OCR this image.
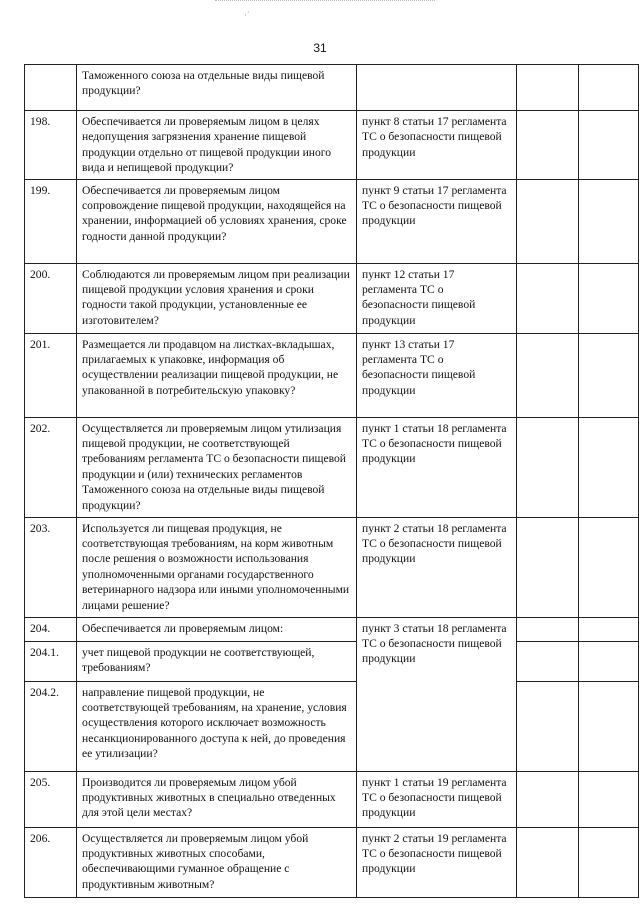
·´
31
	Таможенного союза на отдельные виды пищевой продукции?			
198.	Обеспечивается ли проверяемым лицом в целях недопущения загрязнения хранение пищевой продукции отдельно от пищевой продукции иного вида и непищевой продукции?	пункт 8 статьи 17 регламента ТС о безопасности пищевой продукции		
199.	Обеспечивается ли проверяемым лицом сопровождение пищевой продукции, находящейся на хранении, информацией об условиях хранения, сроке годности данной продукции?	пункт 9 статьи 17 регламента ТС о безопасности пищевой продукции		
200.	Соблюдаются ли проверяемым лицом при реализации пищевой продукции условия хранения и сроки годности такой продукции, установленные ее изготовителем?	пункт 12 статьи 17 регламента ТС о безопасности пищевой продукции		
201.	Размещается ли продавцом на листках-вкладышах, прилагаемых к упаковке, информация об осуществлении реализации пищевой продукции, не упакованной в потребительскую упаковку?	пункт 13 статьи 17 регламента ТС о безопасности пищевой продукции		
202.	Осуществляется ли проверяемым лицом утилизация пищевой продукции, не соответствующей требованиям регламента ТС о безопасности пищевой продукции и (или) технических регламентов Таможенного союза на отдельные виды пищевой продукции?	пункт 1 статьи 18 регламента ТС о безопасности пищевой продукции		
203.	Используется ли пищевая продукция, не соответствующая требованиям, на корм животным после решения о возможности использования уполномоченными органами государственного ветеринарного надзора или иными уполномоченными лицами решение?	пункт 2 статьи 18 регламента ТС о безопасности пищевой продукции		
204.	Обеспечивается ли проверяемым лицом:	пункт 3 статьи 18 регламента ТС о безопасности пищевой продукции		
204.1.	учет пищевой продукции не соответствующей, требованиям?			
204.2.	направление пищевой продукции, не соответствующей требованиям, на хранение, условия осуществления которого исключает возможность несанкционированного доступа к ней, до проведения ее утилизации?			
205.	Производится ли проверяемым лицом убой продуктивных животных в специально отведенных для этой цели местах?	пункт 1 статьи 19 регламента ТС о безопасности пищевой продукции		
206.	Осуществляется ли проверяемым лицом убой продуктивных животных способами, обеспечивающими гуманное обращение с продуктивным животным?	пункт 2 статьи 19 регламента ТС о безопасности пищевой продукции		
